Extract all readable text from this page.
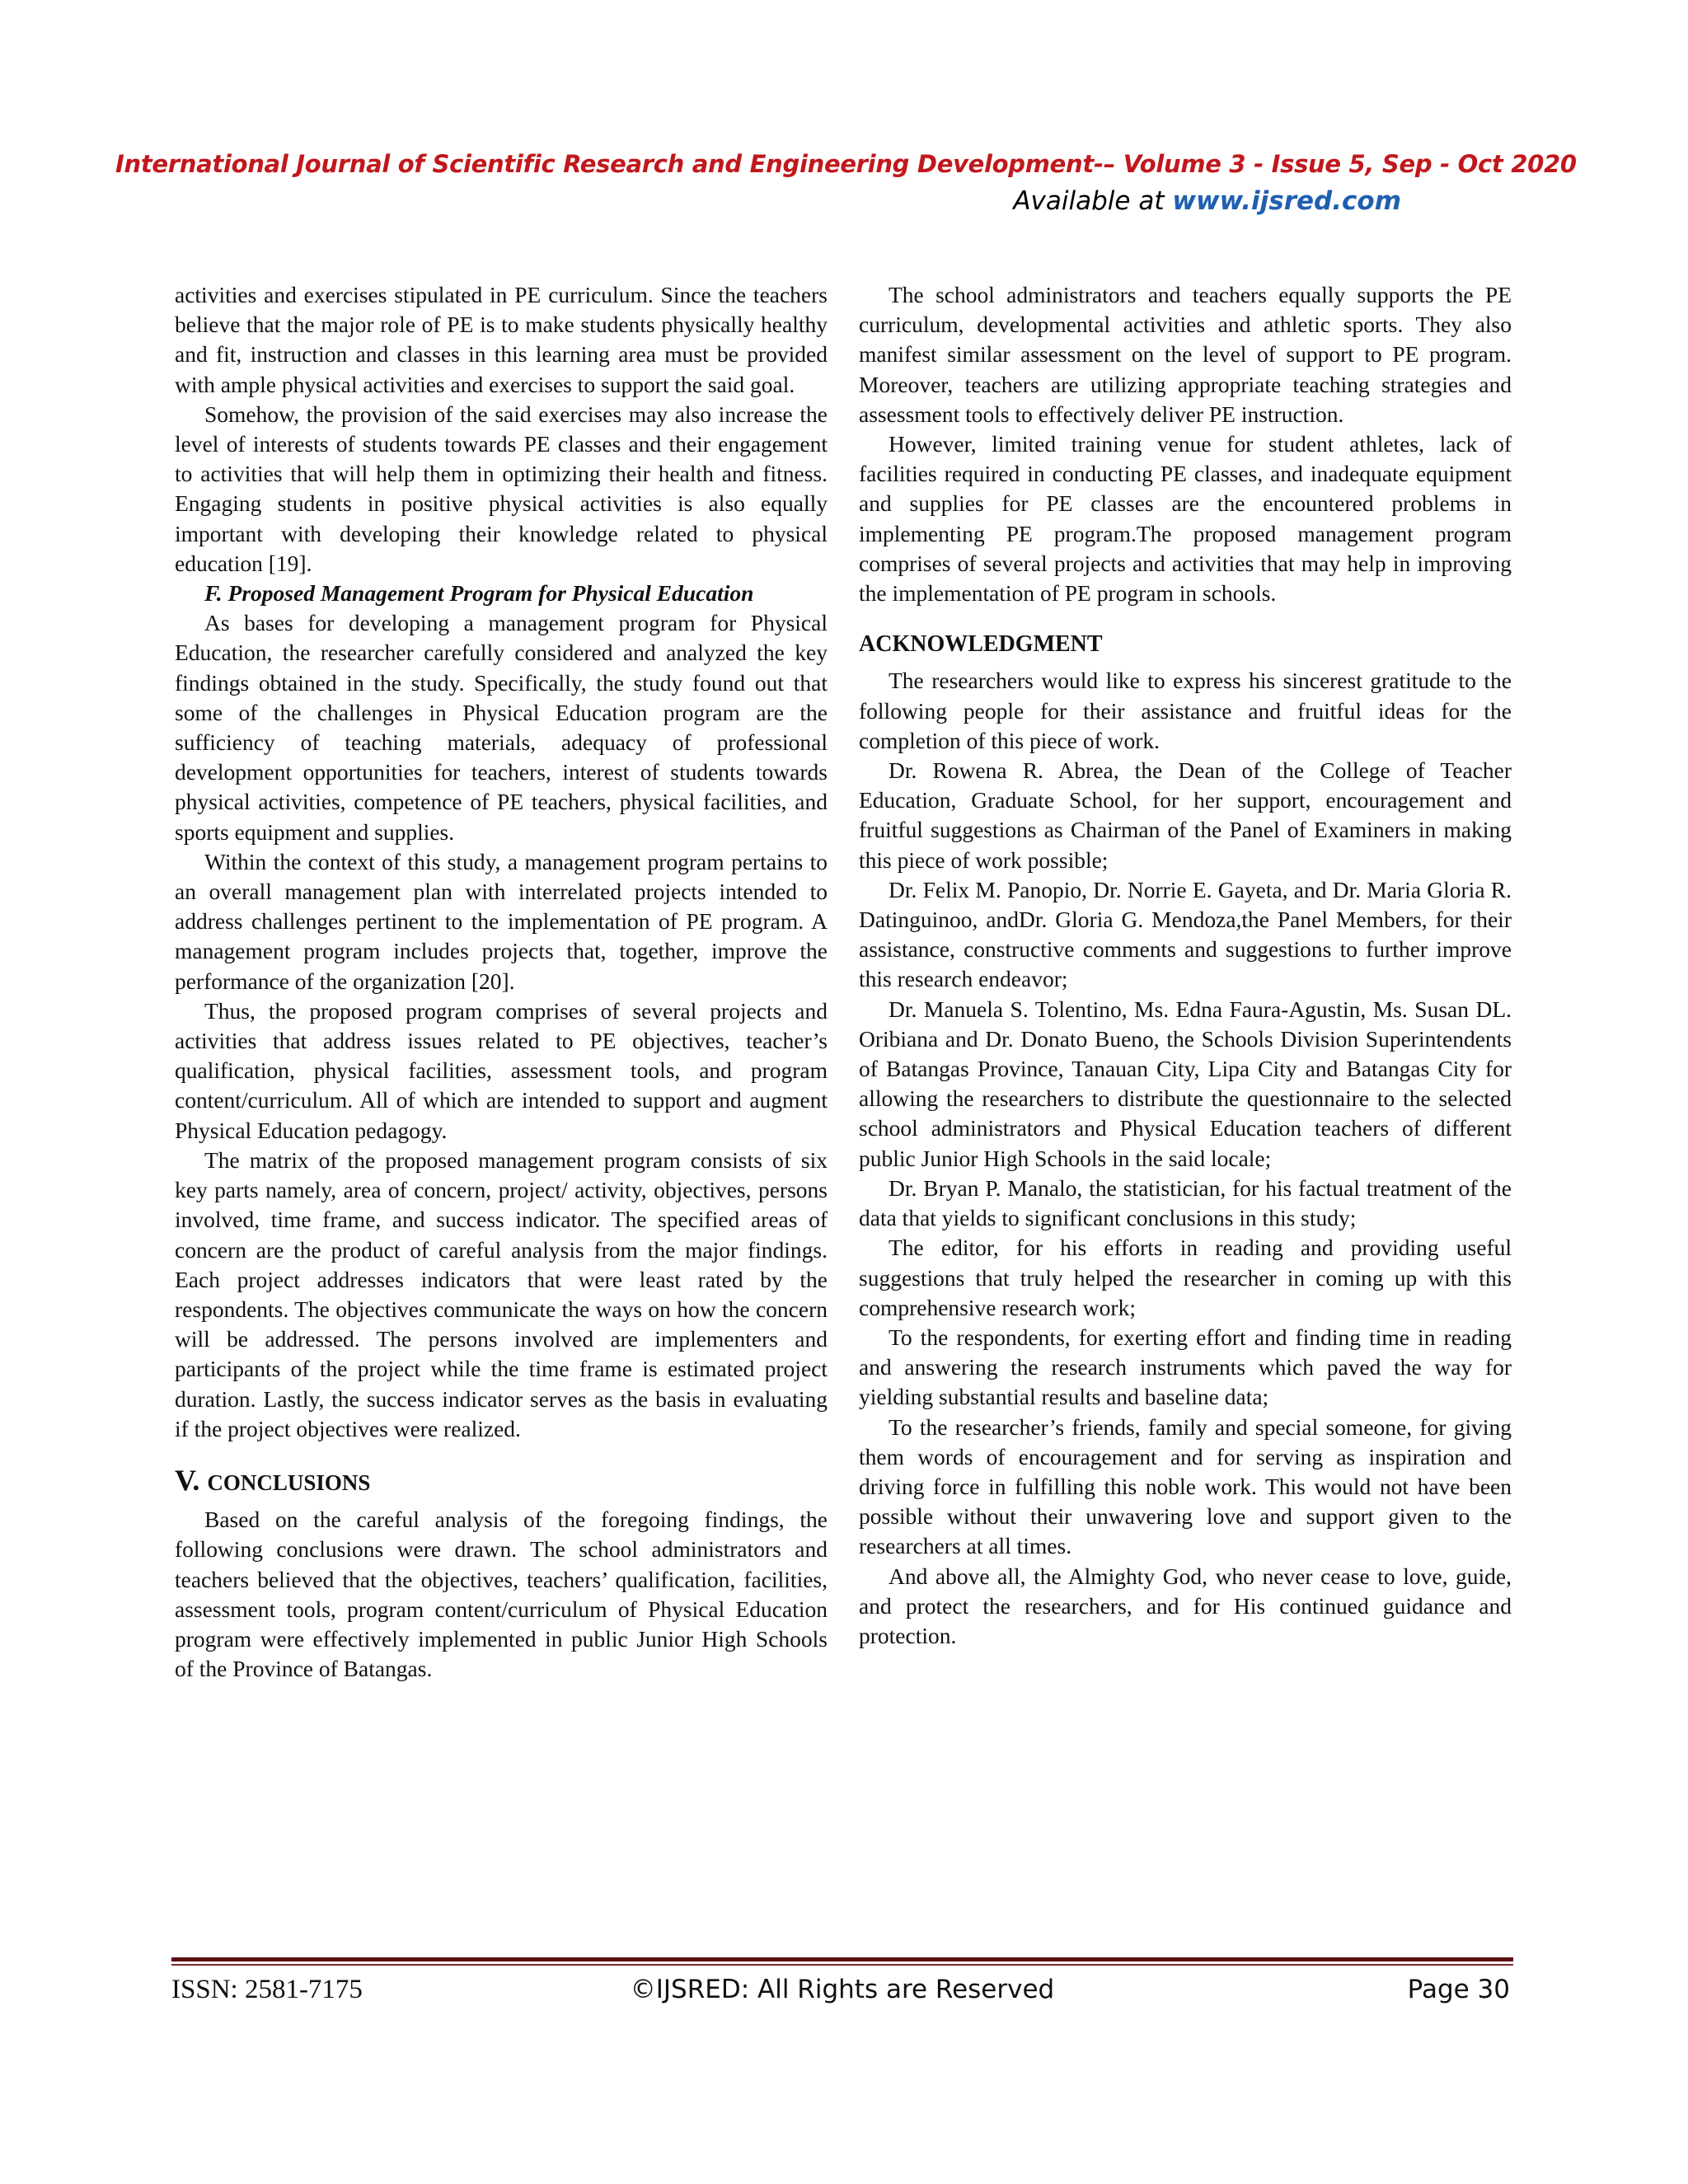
International Journal of Scientific Research and Engineering Development-– Volume 3 - Issue 5, Sep - Oct 2020
Available at www.ijsred.com

activities and exercises stipulated in PE curriculum. Since the teachers believe that the major role of PE is to make students physically healthy and fit, instruction and classes in this learning area must be provided with ample physical activities and exercises to support the said goal.

Somehow, the provision of the said exercises may also increase the level of interests of students towards PE classes and their engagement to activities that will help them in optimizing their health and fitness. Engaging students in positive physical activities is also equally important with developing their knowledge related to physical education [19].

F. Proposed Management Program for Physical Education

As bases for developing a management program for Physical Education, the researcher carefully considered and analyzed the key findings obtained in the study. Specifically, the study found out that some of the challenges in Physical Education program are the sufficiency of teaching materials, adequacy of professional development opportunities for teachers, interest of students towards physical activities, competence of PE teachers, physical facilities, and sports equipment and supplies.

Within the context of this study, a management program pertains to an overall management plan with interrelated projects intended to address challenges pertinent to the implementation of PE program. A management program includes projects that, together, improve the performance of the organization [20].

Thus, the proposed program comprises of several projects and activities that address issues related to PE objectives, teacher’s qualification, physical facilities, assessment tools, and program content/curriculum. All of which are intended to support and augment Physical Education pedagogy.

The matrix of the proposed management program consists of six key parts namely, area of concern, project/ activity, objectives, persons involved, time frame, and success indicator. The specified areas of concern are the product of careful analysis from the major findings. Each project addresses indicators that were least rated by the respondents. The objectives communicate the ways on how the concern will be addressed. The persons involved are implementers and participants of the project while the time frame is estimated project duration. Lastly, the success indicator serves as the basis in evaluating if the project objectives were realized.

V. CONCLUSIONS

Based on the careful analysis of the foregoing findings, the following conclusions were drawn. The school administrators and teachers believed that the objectives, teachers’ qualification, facilities, assessment tools, program content/curriculum of Physical Education program were effectively implemented in public Junior High Schools of the Province of Batangas.

The school administrators and teachers equally supports the PE curriculum, developmental activities and athletic sports. They also manifest similar assessment on the level of support to PE program. Moreover, teachers are utilizing appropriate teaching strategies and assessment tools to effectively deliver PE instruction.

However, limited training venue for student athletes, lack of facilities required in conducting PE classes, and inadequate equipment and supplies for PE classes are the encountered problems in implementing PE program.The proposed management program comprises of several projects and activities that may help in improving the implementation of PE program in schools.

ACKNOWLEDGMENT

The researchers would like to express his sincerest gratitude to the following people for their assistance and fruitful ideas for the completion of this piece of work.

Dr. Rowena R. Abrea, the Dean of the College of Teacher Education, Graduate School, for her support, encouragement and fruitful suggestions as Chairman of the Panel of Examiners in making this piece of work possible;

Dr. Felix M. Panopio, Dr. Norrie E. Gayeta, and Dr. Maria Gloria R. Datinguinoo, andDr. Gloria G. Mendoza,the Panel Members, for their assistance, constructive comments and suggestions to further improve this research endeavor;

Dr. Manuela S. Tolentino, Ms. Edna Faura-Agustin, Ms. Susan DL. Oribiana and Dr. Donato Bueno, the Schools Division Superintendents of Batangas Province, Tanauan City, Lipa City and Batangas City for allowing the researchers to distribute the questionnaire to the selected school administrators and Physical Education teachers of different public Junior High Schools in the said locale;

Dr. Bryan P. Manalo, the statistician, for his factual treatment of the data that yields to significant conclusions in this study;

The editor, for his efforts in reading and providing useful suggestions that truly helped the researcher in coming up with this comprehensive research work;

To the respondents, for exerting effort and finding time in reading and answering the research instruments which paved the way for yielding substantial results and baseline data;

To the researcher’s friends, family and special someone, for giving them words of encouragement and for serving as inspiration and driving force in fulfilling this noble work. This would not have been possible without their unwavering love and support given to the researchers at all times.

And above all, the Almighty God, who never cease to love, guide, and protect the researchers, and for His continued guidance and protection.

ISSN: 2581-7175	©IJSRED: All Rights are Reserved	Page 30
